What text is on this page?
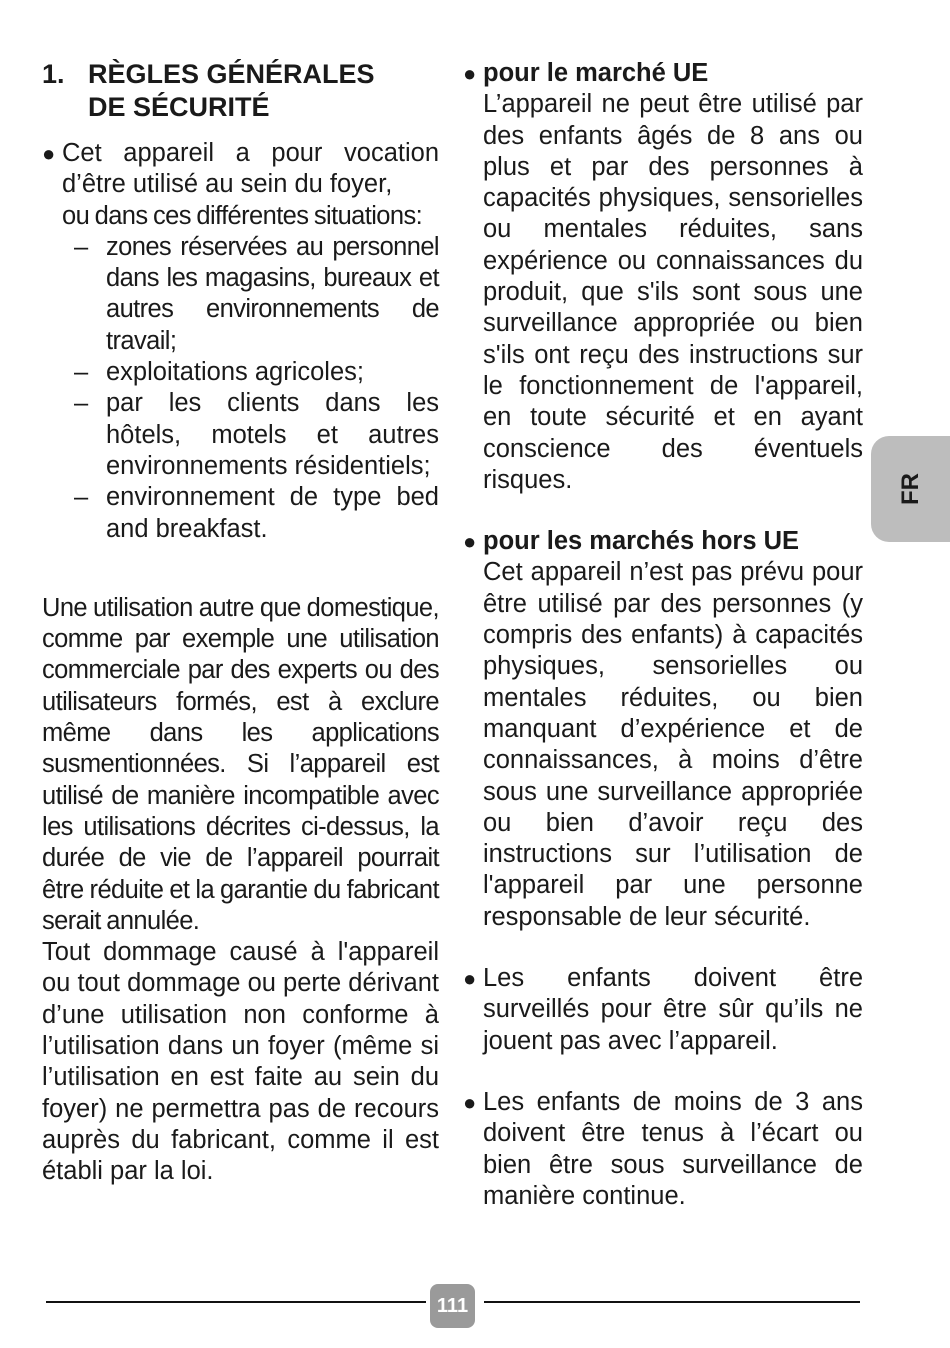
1. RÈGLES GÉNÉRALES
DE SÉCURITÉ
● Cet appareil a pour vocation d’être utilisé au sein du foyer,

ou dans ces différentes situations:

– zones réservées au personnel dans les magasins, bureaux et autres environnements de travail;
– exploitations agricoles;
– par les clients dans les hôtels, motels et autres environnements résidentiels;
– environnement de type bed and breakfast.

Une utilisation autre que domestique, comme par exemple une utilisation commerciale par des experts ou des utilisateurs formés, est à exclure même dans les applications susmentionnées. Si l’appareil est utilisé de manière incompatible avec les utilisations décrites ci-dessus, la durée de vie de l’appareil pourrait être réduite et la garantie du fabricant serait annulée.

Tout dommage causé à l'appareil ou tout dommage ou perte dérivant d’une utilisation non conforme à l’utilisation dans un foyer (même si l’utilisation en est faite au sein du foyer) ne permettra pas de recours auprès du fabricant, comme il est établi par la loi.

● pour le marché UE

L’appareil ne peut être utilisé par des enfants âgés de 8 ans ou plus et par des personnes à capacités physiques, sensorielles ou mentales réduites, sans expérience ou connaissances du produit, que s'ils sont sous une surveillance appropriée ou bien s'ils ont reçu des instructions sur le fonctionnement de l'appareil, en toute sécurité et en ayant conscience des éventuels risques.

● pour les marchés hors UE

Cet appareil n’est pas prévu pour être utilisé par des personnes (y compris des enfants) à capacités physiques, sensorielles ou mentales réduites, ou bien manquant d’expérience et de connaissances, à moins d’être sous une surveillance appropriée ou bien d’avoir reçu des instructions sur l’utilisation de l'appareil par une personne responsable de leur sécurité.

● Les enfants doivent être surveillés pour être sûr qu’ils ne jouent pas avec l’appareil.

● Les enfants de moins de 3 ans doivent être tenus à l’écart ou bien être sous surveillance de manière continue.

FR
111
